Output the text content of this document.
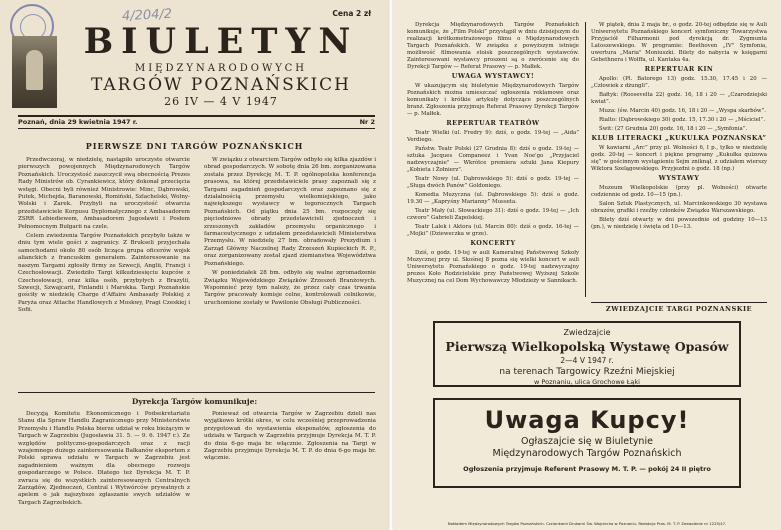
4/204/2	Cena 2 zł
BIULETYN
MIĘDZYNARODOWYCH
TARGÓW POZNAŃSKICH
26 IV — 4 V 1947
Poznań, dnia 29 kwietnia 1947 r.	Nr 2
PIERWSZE DNI TARGÓW POZNAŃSKICH

Przedwczoraj, w niedzielę, nastąpiło uroczyste otwarcie pierwszych powojennych Międzynarodowych Targów Poznańskich. Uroczystość zaszczycił swą obecnością Prezes Rady Ministrów ob. Cyrankiewicz, który dokonał przecięcia wstęgi. Obecni byli również Ministrowie: Minc, Dąbrowski, Putek, Michejda, Baranowski, Romiński, Szlachelski, Wolny-Wolski i Zarek. Przybyli na uroczystość otwarcia przedstawiciele Korpusu Dyplomatycznego z Ambasadorem ZSRR Lebiediewem, Ambasadorem Jugosławii i Posłem Pełnomocnym Bułgarii na czele.

Celem zwiedzenia Targów Poznańskich przybyło także w dniu tym wiele gości z zagranicy. Z Brukseli przyjechała samochodami około 80 osób licząca grupa oficerów wojsk alianckich z francuskim generałem. Zainteresowanie na naszym Targami zgłosiły firmy ze Szwecji, Anglii, Francji i Czechosłowacji. Zwiedziło Targi kilkudziesięciu kupców z Czechosłowacji, oraz kilka osób, przybyłych z Brazylii, Szwecji, Szwajcarii, Finlandii i Marokka. Targi Poznańskie gościły w niedzielę Charge d'Affaire Ambasady Polskiej z Paryża oraz Attache Handlowych z Moskwy, Pragi Czeskiej i Sofii.

W związku z otwarciem Targów odbyło się kilka zjazdów i obrad gospodarczych. W sobotę dnia 26 bm. zorganizowana została przez Dyrekcję M. T. P. ogólnopolska konferencja prasowa, na której przedstawiciele prasy zapoznali się z Targami zagadnień gospodarczych oraz zapoznano się z działalnością przemysłu wielkomiejskiego, jako największego wystawcy w tegorocznych Targach Poznańskich. Od piątku dnia 25 bm. rozpoczęły się pięciodniowe obrady przedstawicieli zjednoczeń i zrzeszonych zakładów przemysłu organicznego i farmaceutycznego z udziałem przedstawicieli Ministerstwa Przemysłu. W niedzielę 27 bm. obradowały Prezydium i Zarząd Główny Naczelnej Rady Zrzeszeń Kupieckich R. P., oraz zorganizowany został zjazd ziemianstwa Województwa Poznańskiego.

W poniedziałek 28 bm. odbyło się walne zgromadzenie Związku Wojewódzkiego Związków Zrzeszeń Branżowych. Wspomnieć przy tym należy, że przez cały czas trwania Targów pracowały komisje celne, kontrolowali celnikowie, uruchomione zostały w Pawilonie Obsługi Publiczności.

Dyrekcja Targów komunikuje:

Decyzją Komitetu Ekonomicznego i Podsekretariatu Stanu dla Spraw Handlu Zagranicznego przy Ministerstwie Przemysłu i Handlu Polska bierze udział w roku bieżącym w Targach w Zagrzebiu (Jugosławia 31. 5. — 9. 6. 1947 r.). Ze względów polityczno-gospodarczych oraz z racji wzajemnego dużego zainteresowania Bałkanów eksportem z Polski sprawa udziału w Targach w Zagrzebiu jest zagadnieniem ważnym dla obecnego rozwoju gospodarczego w Polsce. Dlatego też Dyrekcja M. T. P. zwraca się do wszystkich zainteresowanych Centralnych Zarządów, Zjednoczeń, Central i Wytwórców prywatnych z apelem o jak najszybsze zgłaszanie swych udziałów w Targach Zagrzebskich.

Ponieważ od otwarcia Targów w Zagrzebiu dzieli nas wyjątkowo krótki okres, w celu wcześniej przeprowadzenia przygotowań do wystawienia eksponatów, zgłoszenia do udziału w Targach w Zagrzebiu przyjmuje Dyrekcja M. T. P. do dnia 6-go maja br. włącznie. Zgłoszenia na Targi w Zagrzebiu przyjmuje Dyrekcja M. T. P. do dnia 6-go maja br. włącznie.

Dyrekcja Międzynarodowych Targów Poznańskich komunikuje, że „Film Polski” przystąpił w dniu dzisiejszym do realizacji krótkometrażowego filmu o Międzynarodowych Targach Poznańskich. W związku z powyższym istnieje możliwość filmowania stoisk poszczególnych wystawców. Zainteresowani wystawcy proszeni są o zwrócenie się do Dyrekcji Targów — Referat Prasowy — p. Małłek.

UWAGA WYSTAWCY!

W ukazującym się biuletynie Międzynarodowych Targów Poznańskich można umieszczać ogłoszenia reklamowe oraz komunikaty i krótkie artykuły dotyczące poszczególnych branż. Zgłoszenia przyjmuje Referat Prasowy Dyrekcji Targów — p. Małłek.

REPERTUAR TEATRÓW

Teatr Wielki (ul. Fredry 9): dziś, o godz. 19-tej — „Aida” Verdiego.

Państw. Teatr Polski (27 Grudnia 8): dziś o godz. 19-tej — sztuka Jacques Companeez i Yvan Noe'go „Przyjaciel nadzwyczajnie" — Wkrótce premiera sztuki Jana Kiepury „Kobieta i Żołnierz".

Teatr Nowy (ul. Dąbrowskiego 5): dziś o godz. 19-tej — „Sługa dwóch Panów” Goldoniego.

Komedia Muzyczna (ul. Dąbrowskiego 5): dziś o godz. 19.30 — „Kapryśny Marianny” Musseta.

Teatr Mały (ul. Słowackiego 31): dziś o godz. 19-tej — „Ich czworo” Gabrieli Zapolskiej.

Teatr Lalek i Aktora (ul. Marcin 80): dziś o godz. 16-tej — „Mojki” (Dzieweczka w grze).

KONCERTY

Dziś, o godz. 19-tej w auli Kameralnej Państwowej Szkoły Muzycznej przy ul. Skośnej 8 pozna się wielki koncert w auli Uniwersytetu Poznańskiego o godz. 19-tej nadzwyczajny prezes Koło Rodzicielskie przy Państwowej Wyższej Szkole Muzycznej na cel Dom Wychowawczy Młodzieży w Sannikach.

W piątek, dnia 2 maja br., o godz. 20-tej odbędzie się w Auli Uniwersytetu Poznańskiego koncert symfoniczny Towarzystwa Przyjaciół Filharmonii pod dyrekcją dr. Zygmunta Latoszewskiego. W programie: Beethoven „IV" Symfonia, uwertura „Maria" Moniuszki. Bilety do nabycia w księgarni Gebethnera i Wolffa, ul. Kantaka 4a.

REPERTUAR KIN

Apollo: (Pl. Batorego 13) godz. 15.30, 17.45 i 20 — „Człowiek z dżungli”.

Bałtyk: (Roosevelta 22) godz. 16, 18 i 20 — „Czarodziejski kwiat”.

Muza: (św. Marcin 40) godz. 16, 18 i 20 — „Wyspa skarbów”.

Rialto: (Dąbrowskiego 30) godz. 15, 17.30 i 20 — „Mściciel”.

Świt: (27 Grudnia 20) godz. 16, 18 i 20 — „Symfonia”.

KLUB LITERACKI „KUKULKA POZNAŃSKA”

W kawiarni „Arc” przy pl. Wolności 6, I p., tylko w niedzielę godz. 20-tej — koncert i piękne programy „Kukułka quizowa się” w gościnnym wystąpieniu Sejm zniknął, z udziałem wierszy Wiktora Szelągowskiego. Przyjezdni o godz. 18 (np.)

WYSTAWY

Muzeum Wielkopolskie (przy pl. Wolności) otwarte codziennie od godz. 10—15 (pn.).

Salon Sztuk Plastycznych, ul. Marcinkowskiego 30 wystawa obrazów, grafiki i rzeźby członków Związku Warszawskiego.

Bilety dziś otwarty w dni powszednie od godziny 10—13 (pn.), w niedzielę i święta od 10—13.

ZWIEDZAJCIE TARGI POZNAŃSKIE
Zwiedzajcie
Pierwszą Wielkopolską Wystawę Opasów
2—4 V 1947 r.
na terenach Targowicy Rzeźni Miejskiej
w Poznaniu, ulica Grochowe Łąki
Uwaga Kupcy!
Ogłaszajcie się w Biuletynie
Międzynarodowych Targów Poznańskich
Ogłoszenia przyjmuje Referent Prasowy M. T. P. — pokój 24 II piętro
Nakładem Międzynarodowych Targów Poznańskich. Czcionkami Drukarni Św. Wojciecha w Poznaniu. Redakcja Pras. M. T. P. Zezwolenie nr 1225/47.
